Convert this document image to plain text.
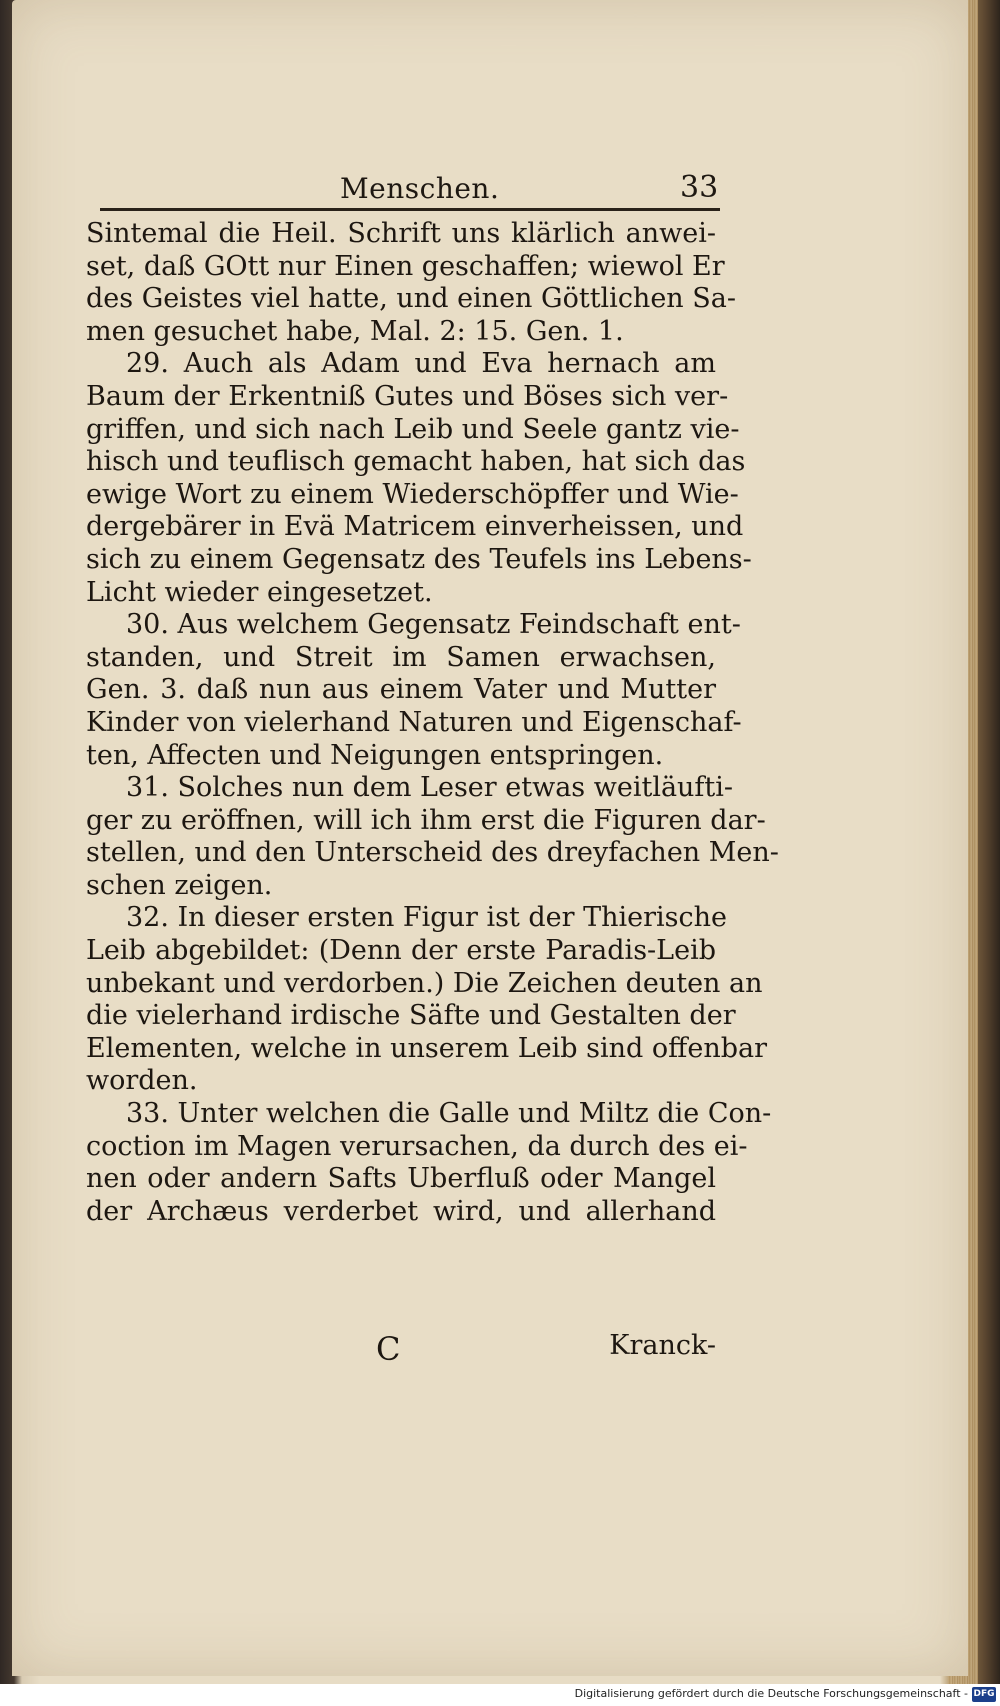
Menschen.	33
Sintemal die Heil. Schrift uns klärlich anwei-
set, daß GOtt nur Einen geschaffen; wiewol Er
des Geistes viel hatte, und einen Göttlichen Sa-
men gesuchet habe, Mal. 2: 15. Gen. 1.
29. Auch als Adam und Eva hernach am
Baum der Erkentniß Gutes und Böses sich ver-
griffen, und sich nach Leib und Seele gantz vie-
hisch und teuflisch gemacht haben, hat sich das
ewige Wort zu einem Wiederschöpffer und Wie-
dergebärer in Evä Matricem einverheissen, und
sich zu einem Gegensatz des Teufels ins Lebens-
Licht wieder eingesetzet.
30. Aus welchem Gegensatz Feindschaft ent-
standen, und Streit im Samen erwachsen,
Gen. 3. daß nun aus einem Vater und Mutter
Kinder von vielerhand Naturen und Eigenschaf-
ten, Affecten und Neigungen entspringen.
31. Solches nun dem Leser etwas weitläufti-
ger zu eröffnen, will ich ihm erst die Figuren dar-
stellen, und den Unterscheid des dreyfachen Men-
schen zeigen.
32. In dieser ersten Figur ist der Thierische
Leib abgebildet: (Denn der erste Paradis-Leib
unbekant und verdorben.) Die Zeichen deuten an
die vielerhand irdische Säfte und Gestalten der
Elementen, welche in unserem Leib sind offenbar
worden.
33. Unter welchen die Galle und Miltz die Con-
coction im Magen verursachen, da durch des ei-
nen oder andern Safts Uberfluß oder Mangel
der Archæus verderbet wird, und allerhand
C	Kranck-
Digitalisierung gefördert durch die Deutsche Forschungsgemeinschaft - DFG
